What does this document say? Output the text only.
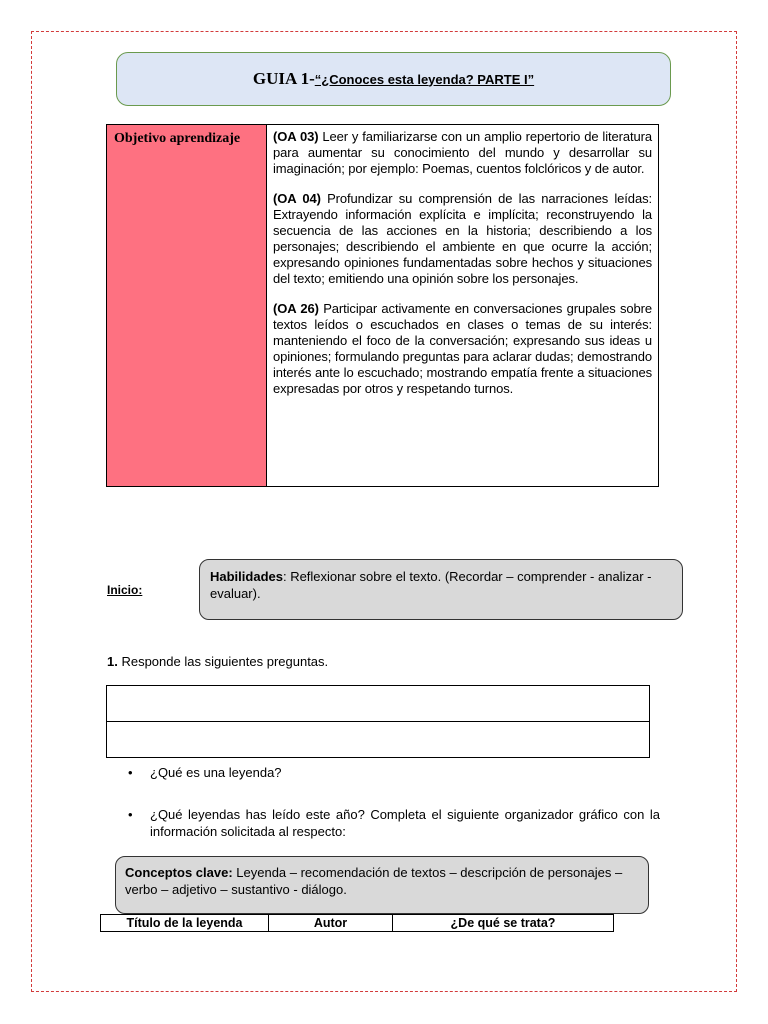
GUIA 1- “¿Conoces esta leyenda? PARTE I”
Objetivo aprendizaje	(OA 03) Leer y familiarizarse con un amplio repertorio de literatura para aumentar su conocimiento del mundo y desarrollar su imaginación; por ejemplo: Poemas, cuentos folclóricos y de autor.

(OA 04) Profundizar su comprensión de las narraciones leídas: Extrayendo información explícita e implícita; reconstruyendo la secuencia de las acciones en la historia; describiendo a los personajes; describiendo el ambiente en que ocurre la acción; expresando opiniones fundamentadas sobre hechos y situaciones del texto; emitiendo una opinión sobre los personajes.

(OA 26) Participar activamente en conversaciones grupales sobre textos leídos o escuchados en clases o temas de su interés: manteniendo el foco de la conversación; expresando sus ideas u opiniones; formulando preguntas para aclarar dudas; demostrando interés ante lo escuchado; mostrando empatía frente a situaciones expresadas por otros y respetando turnos.

Inicio:
Habilidades: Reflexionar sobre el texto. (Recordar – comprender - analizar - evaluar).
1. Responde las siguientes preguntas.
• ¿Qué es una leyenda?
• ¿Qué leyendas has leído este año? Completa el siguiente organizador gráfico con la información solicitada al respecto:
Conceptos clave: Leyenda – recomendación de textos – descripción de personajes – verbo – adjetivo – sustantivo - diálogo.
Título de la leyenda	Autor	¿De qué se trata?
